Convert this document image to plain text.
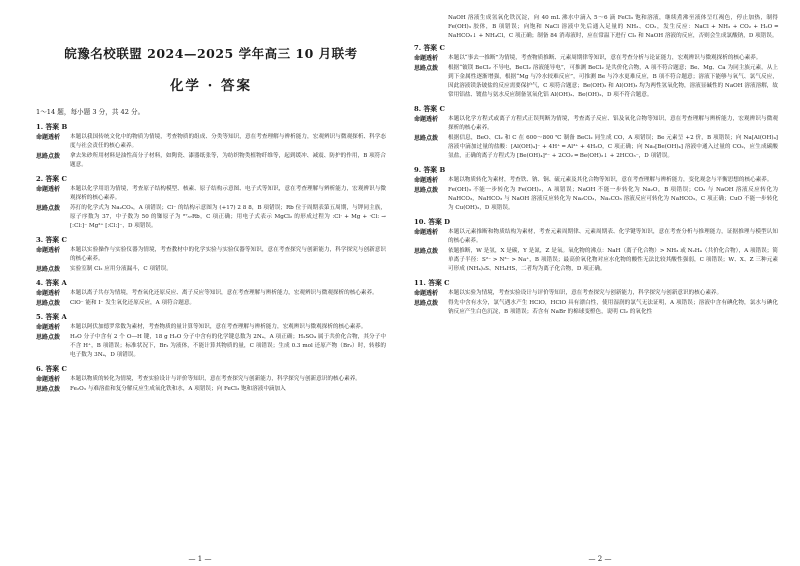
皖豫名校联盟 2024—2025 学年高三 10 月联考
化学 · 答案
1～14 题，每小题 3 分，共 42 分。
1. 答案 B
命题透析	本题以我国传统文化中的物质为情境，考查物质的组成、分类等知识，意在考查理解与辨析能力，宏观辨识与微观探析、科学态度与社会责任的核心素养。
思路点拨	拿去朱砂所用材料是油性高分子材料，如陶瓷、漆器纸张等，为纺织物类植物纤维等，起到缓冲、减震、防护的作用，B 项符合题意。
2. 答案 C
命题透析	本题以化学用语为情境，考查原子结构模型、核素、原子结构示意图、电子式等知识，意在考查理解与辨析能力，宏观辨识与微观探析的核心素养。
思路点拨	苏打的化学式为 Na₂CO₃，A 项错误；Cl⁻ 的结构示意图为 (+17) 2 8 8，B 项错误；Rb 位于周期表第五周期，与钾同主族，原子序数为 37，中子数为 50 的铷原子为 ⁸⁷₃₇Rb，C 项正确；用电子式表示 MgCl₂ 的形成过程为 :Cl· + Mg + ·Cl: → [:Cl:]⁻ Mg²⁺ [:Cl:]⁻，D 项错误。
3. 答案 C
命题透析	本题以实验操作与实验仪器为情境，考查教材中的化学实验与实验仪器等知识，意在考查探究与创新能力，科学探究与创新意识的核心素养。
思路点拨	实验室制 Cl₂ 应用分液漏斗，C 项错误。
4. 答案 A
命题透析	本题以离子共存为情境，考查氧化还原反应、离子反应等知识，意在考查理解与辨析能力，宏观辨识与微观探析的核心素养。
思路点拨	ClO⁻ 能和 I⁻ 发生氧化还原反应，A 项符合题意。
5. 答案 A
命题透析	本题以阿伏加德罗常数为素材，考查物质的量计算等知识，意在考查理解与辨析能力，宏观辨识与微观探析的核心素养。
思路点拨	H₂O 分子中含有 2 个 O—H 键，18 g H₂O 分子中含有的化学键总数为 2Nₐ，A 项正确；H₂SO₄ 属于共价化合物，其分子中不含 H⁺，B 项错误；标准状况下，Br₂ 为液体，不能计算其物质的量，C 项错误；生成 0.3 mol 还原产物（Br₂）时，转移的电子数为 3Nₐ，D 项错误。
6. 答案 C
命题透析	本题以物质的转化为情境，考查实验设计与评价等知识，意在考查探究与创新能力，科学探究与创新意识的核心素养。
思路点拨	Fe₂O₃ 与难溶盐和复分解反应生成氧化铁和水，A 项错误；向 FeCl₃ 饱和溶液中滴加入
— 1 —
NaOH 溶液生成氢氧化铁沉淀，向 40 mL 沸水中滴入 5～6 滴 FeCl₃ 饱和溶液，继续煮沸至液体呈红褐色，停止加热，制得 Fe(OH)₃ 胶体，B 项错误；向饱和 NaCl 溶液中先后通入足量的 NH₃、CO₂，发生反应：NaCl + NH₃ + CO₂ + H₂O ═ NaHCO₃↓ + NH₄Cl，C 项正确；制备 84 消毒液时，应在常温下进行 Cl₂ 和 NaOH 溶液的反应，否则会生成氯酸钠，D 项错误。
7. 答案 C
命题透析	本题以“事去一推断”为情境，考查物质推断、元素周期律等知识，意在考查分析与论证能力，宏观辨识与微观探析的核心素养。
思路点拨	根据“铍镁 BeCl₂ 不导电，BeCl₂ 溶液能导电”，可推测 BeCl₂ 是共价化合物，A 项不符合题意；Be、Mg、Ca 为同主族元素，从上到下金属性逐渐增强，根据“Mg 与冷水较难反应”，可推测 Be 与冷水更难反应，B 项不符合题意；溶液下能够与氧气、氯气反应，因此溶液镁条铍盐的反应需要保护气，C 项符合题意；Be(OH)₂ 和 Al(OH)₃ 均为两性氢氧化物，溶液显碱性的 NaOH 溶液溶解，故常用铝盐、镀盐与氨水反应制备氢氧化铝 Al(OH)₃、Be(OH)₂，D 项不符合题意。
8. 答案 C
命题透析	本题以化学方程式或离子方程式正误判断为情境，考查离子反应、铝及氧化合物等知识，意在考查理解与辨析能力，宏观辨识与微观探析的核心素养。
思路点拨	根据信息，BeO、Cl₂ 和 C 在 600～800 ℃ 制备 BeCl₂ 同生成 CO，A 项错误；Be 元素呈 +2 价，B 项错误；向 Na[Al(OH)₄] 溶液中滴加过量的盐酸：[Al(OH)₄]⁻ + 4H⁺ ═ Al³⁺ + 4H₂O，C 项正确；向 Na₂[Be(OH)₄] 溶液中通入过量的 CO₂，应生成碳酸氢盐，正确的离子方程式为 [Be(OH)₄]²⁻ + 2CO₂ ═ Be(OH)₂↓ + 2HCO₃⁻，D 项错误。
9. 答案 B
命题透析	本题以物质转化为素材，考查铁、钠、铜、硫元素及其化合物等知识，意在考查理解与辨析能力，变化观念与平衡思想的核心素养。
思路点拨	Fe(OH)₃ 不能一步转化为 Fe(OH)₂，A 项错误；NaOH 不能一步转化为 Na₂O，B 项错误；CO₂ 与 NaOH 溶液反应转化为 NaHCO₃，NaHCO₃ 与 NaOH 溶液反应转化为 Na₂CO₃，Na₂CO₃ 溶液反应可转化为 NaHCO₃，C 项正确；CuO 不能一步转化为 Cu(OH)₂，D 项错误。
10. 答案 D
命题透析	本题以元素推断和物质结构为素材，考查元素周期律、元素周期表、化学键等知识，意在考查分析与推理能力，证据推理与模型认知的核心素养。
思路点拨	依题推断，W 是氢，X 是碳，Y 是氮，Z 是氧。氧化物的沸点：NaH（离子化合物）> NH₃ 或 N₂H₄（共价化合物），A 项错误；简单离子半径：S²⁻ > N³⁻ > Na⁺，B 项错误；最高价氧化物对应水化物的酸性无法比较其酸性强弱，C 项错误；W、X、Z 三种元素可形成 (NH₄)₂S、NH₄HS，二者均为离子化合物，D 项正确。
11. 答案 C
命题透析	本题以实验为情境，考查实验设计与评价等知识，意在考查探究与创新能力，科学探究与创新意识的核心素养。
思路点拨	得先中含有水分，氯气遇水产生 HClO，HClO 具有漂白性，使用湿润的氯气无法证明，A 项错误；溶液中含有碘化物，氯水与碘化钠反应产生白色沉淀，B 项错误；若含有 NaBr 的棉球变橙色，说明 Cl₂ 的氧化性
— 2 —
